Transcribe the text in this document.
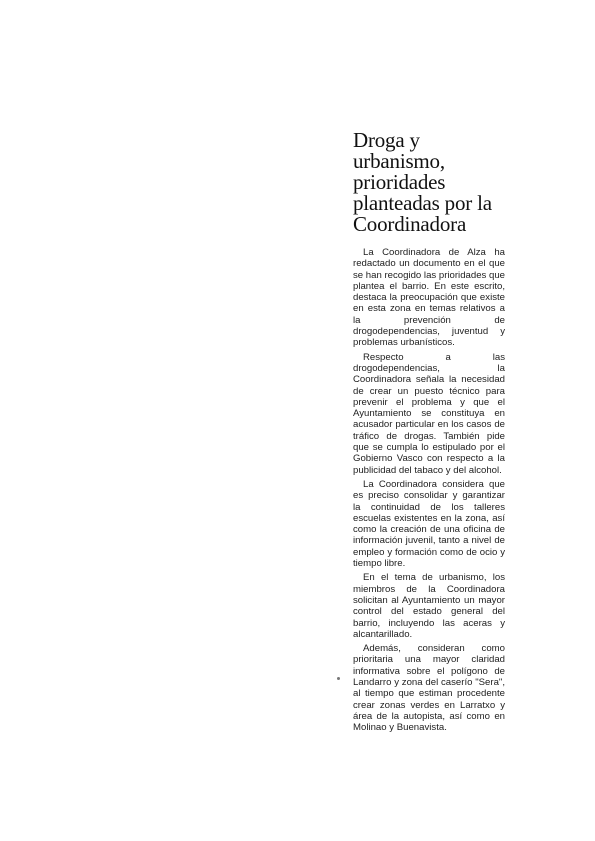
Droga y urbanismo, prioridades planteadas por la Coordinadora

La Coordinadora de Alza ha redactado un documento en el que se han recogido las prioridades que plantea el barrio. En este escrito, destaca la preocupación que existe en esta zona en temas relativos a la prevención de drogodependencias, juventud y problemas urbanísticos.

Respecto a las drogodependencias, la Coordinadora señala la necesidad de crear un puesto técnico para prevenir el problema y que el Ayuntamiento se constituya en acusador particular en los casos de tráfico de drogas. También pide que se cumpla lo estipulado por el Gobierno Vasco con respecto a la publicidad del tabaco y del alcohol.

La Coordinadora considera que es preciso consolidar y garantizar la continuidad de los talleres escuelas existentes en la zona, así como la creación de una oficina de información juvenil, tanto a nivel de empleo y formación como de ocio y tiempo libre.

En el tema de urbanismo, los miembros de la Coordinadora solicitan al Ayuntamiento un mayor control del estado general del barrio, incluyendo las aceras y alcantarillado.

Además, consideran como prioritaria una mayor claridad informativa sobre el polígono de Landarro y zona del caserío "Sera", al tiempo que estiman procedente crear zonas verdes en Larratxo y área de la autopista, así como en Molinao y Buenavista.
